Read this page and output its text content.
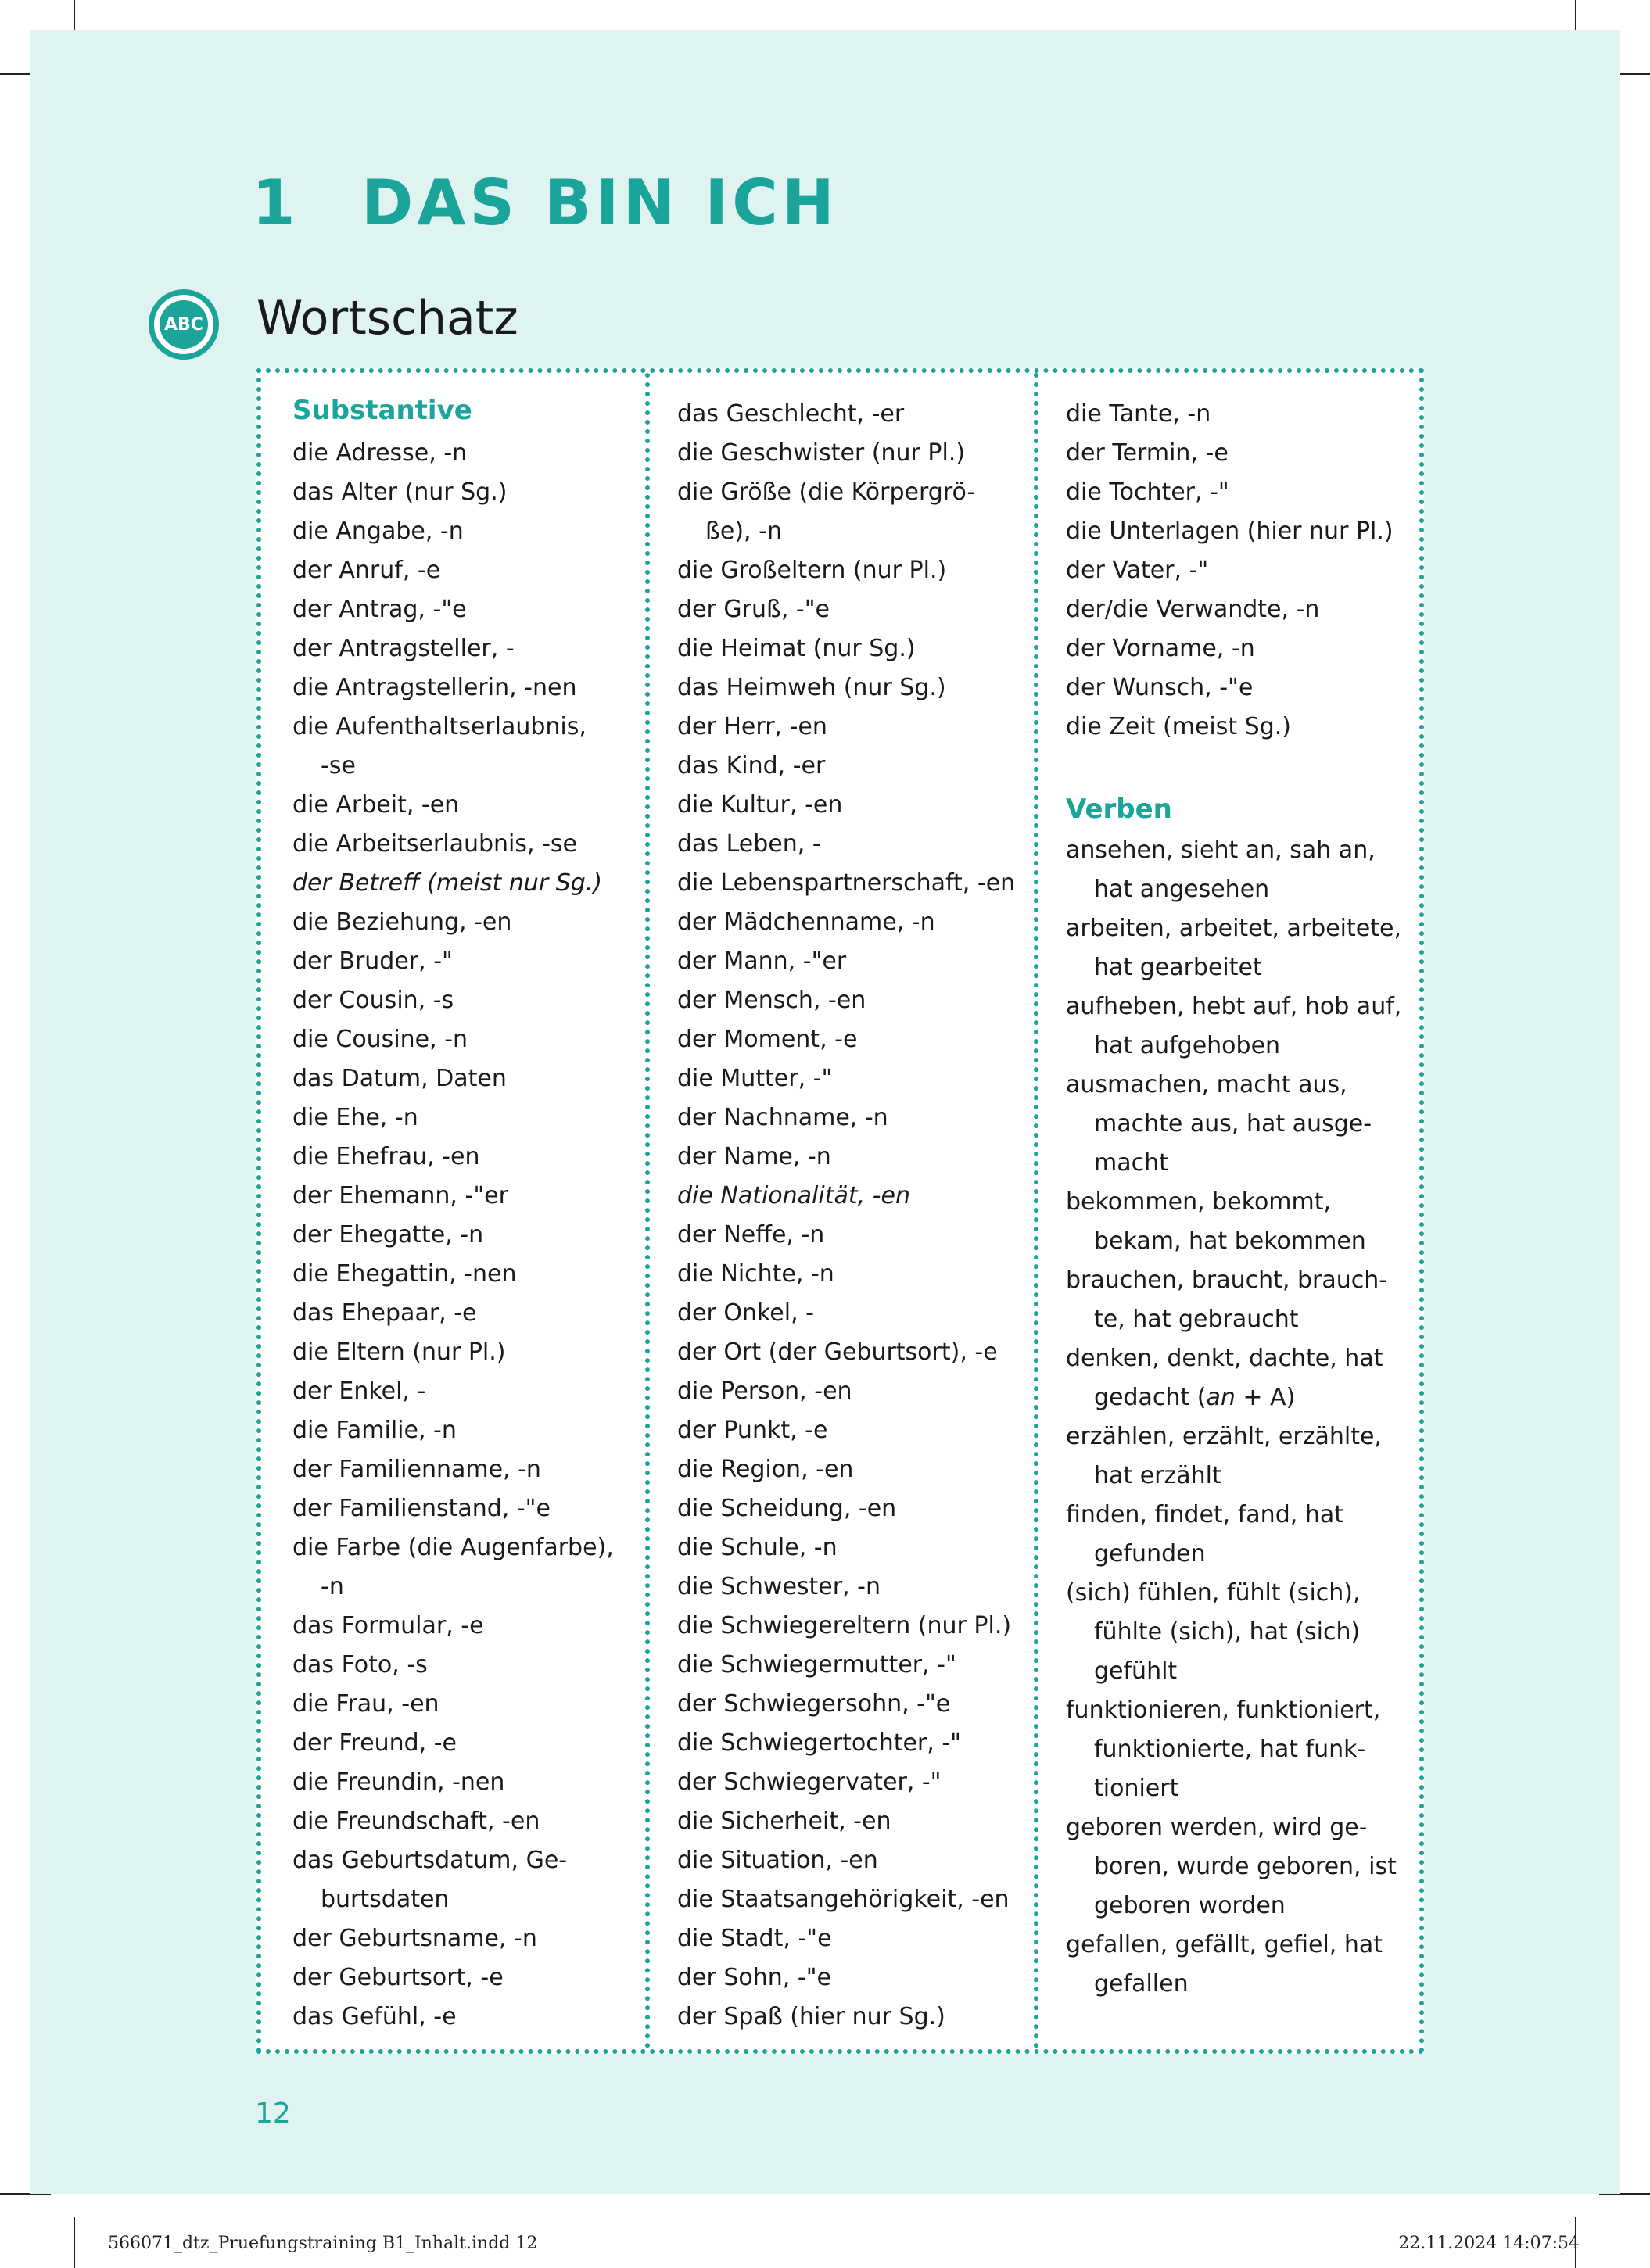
1 DAS BIN ICH
ABC Wortschatz
Substantive
die Adresse, -n
das Alter (nur Sg.)
die Angabe, -n
der Anruf, -e
der Antrag, -"e
der Antragsteller, -
die Antragstellerin, -nen
die Aufenthaltserlaubnis,
-se
die Arbeit, -en
die Arbeitserlaubnis, -se
der Betreff (meist nur Sg.)
die Beziehung, -en
der Bruder, -"
der Cousin, -s
die Cousine, -n
das Datum, Daten
die Ehe, -n
die Ehefrau, -en
der Ehemann, -"er
der Ehegatte, -n
die Ehegattin, -nen
das Ehepaar, -e
die Eltern (nur Pl.)
der Enkel, -
die Familie, -n
der Familienname, -n
der Familienstand, -"e
die Farbe (die Augenfarbe),
-n
das Formular, -e
das Foto, -s
die Frau, -en
der Freund, -e
die Freundin, -nen
die Freundschaft, -en
das Geburtsdatum, Ge-
burtsdaten
der Geburtsname, -n
der Geburtsort, -e
das Gefühl, -e
das Geschlecht, -er
die Geschwister (nur Pl.)
die Größe (die Körpergrö-
ße), -n
die Großeltern (nur Pl.)
der Gruß, -"e
die Heimat (nur Sg.)
das Heimweh (nur Sg.)
der Herr, -en
das Kind, -er
die Kultur, -en
das Leben, -
die Lebenspartnerschaft, -en
der Mädchenname, -n
der Mann, -"er
der Mensch, -en
der Moment, -e
die Mutter, -"
der Nachname, -n
der Name, -n
die Nationalität, -en
der Neffe, -n
die Nichte, -n
der Onkel, -
der Ort (der Geburtsort), -e
die Person, -en
der Punkt, -e
die Region, -en
die Scheidung, -en
die Schule, -n
die Schwester, -n
die Schwiegereltern (nur Pl.)
die Schwiegermutter, -"
der Schwiegersohn, -"e
die Schwiegertochter, -"
der Schwiegervater, -"
die Sicherheit, -en
die Situation, -en
die Staatsangehörigkeit, -en
die Stadt, -"e
der Sohn, -"e
der Spaß (hier nur Sg.)
die Tante, -n
der Termin, -e
die Tochter, -"
die Unterlagen (hier nur Pl.)
der Vater, -"
der/die Verwandte, -n
der Vorname, -n
der Wunsch, -"e
die Zeit (meist Sg.)
Verben
ansehen, sieht an, sah an,
hat angesehen
arbeiten, arbeitet, arbeitete,
hat gearbeitet
aufheben, hebt auf, hob auf,
hat aufgehoben
ausmachen, macht aus,
machte aus, hat ausge-
macht
bekommen, bekommt,
bekam, hat bekommen
brauchen, braucht, brauch-
te, hat gebraucht
denken, denkt, dachte, hat
gedacht (an + A)
erzählen, erzählt, erzählte,
hat erzählt
finden, findet, fand, hat
gefunden
(sich) fühlen, fühlt (sich),
fühlte (sich), hat (sich)
gefühlt
funktionieren, funktioniert,
funktionierte, hat funk-
tioniert
geboren werden, wird ge-
boren, wurde geboren, ist
geboren worden
gefallen, gefällt, gefiel, hat
gefallen
12
566071_dtz_Pruefungstraining B1_Inhalt.indd 12	22.11.2024 14:07:54
